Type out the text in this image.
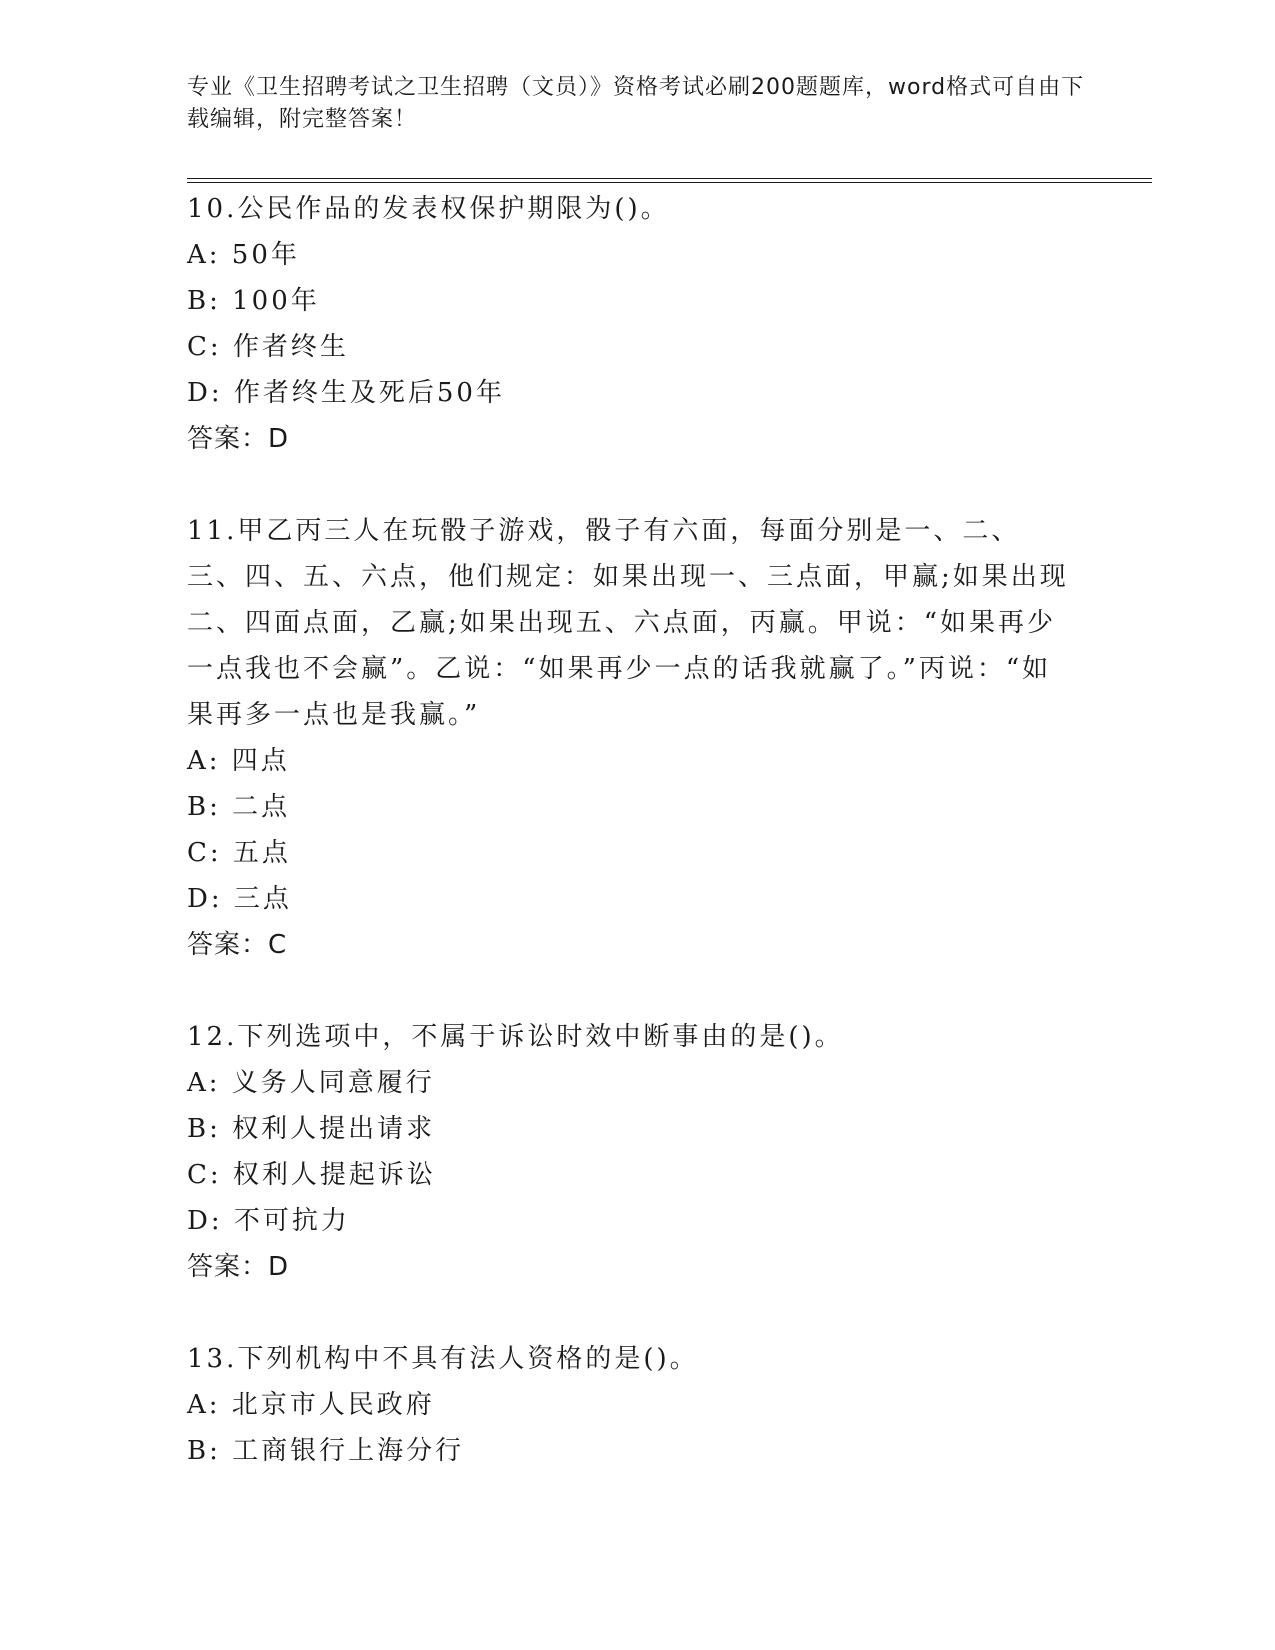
专业《卫生招聘考试之卫生招聘（文员）》资格考试必刷200题题库，word格式可自由下载编辑，附完整答案！
10.公民作品的发表权保护期限为()。
A: 50年
B: 100年
C: 作者终生
D: 作者终生及死后50年
答案：D
11.甲乙丙三人在玩骰子游戏，骰子有六面，每面分别是一、二、三、四、五、六点，他们规定：如果出现一、三点面，甲赢;如果出现二、四面点面，乙赢;如果出现五、六点面，丙赢。甲说：“如果再少一点我也不会赢”。乙说：“如果再少一点的话我就赢了。”丙说：“如果再多一点也是我赢。”
A: 四点
B: 二点
C: 五点
D: 三点
答案：C
12.下列选项中，不属于诉讼时效中断事由的是()。
A: 义务人同意履行
B: 权利人提出请求
C: 权利人提起诉讼
D: 不可抗力
答案：D
13.下列机构中不具有法人资格的是()。
A: 北京市人民政府
B: 工商银行上海分行
